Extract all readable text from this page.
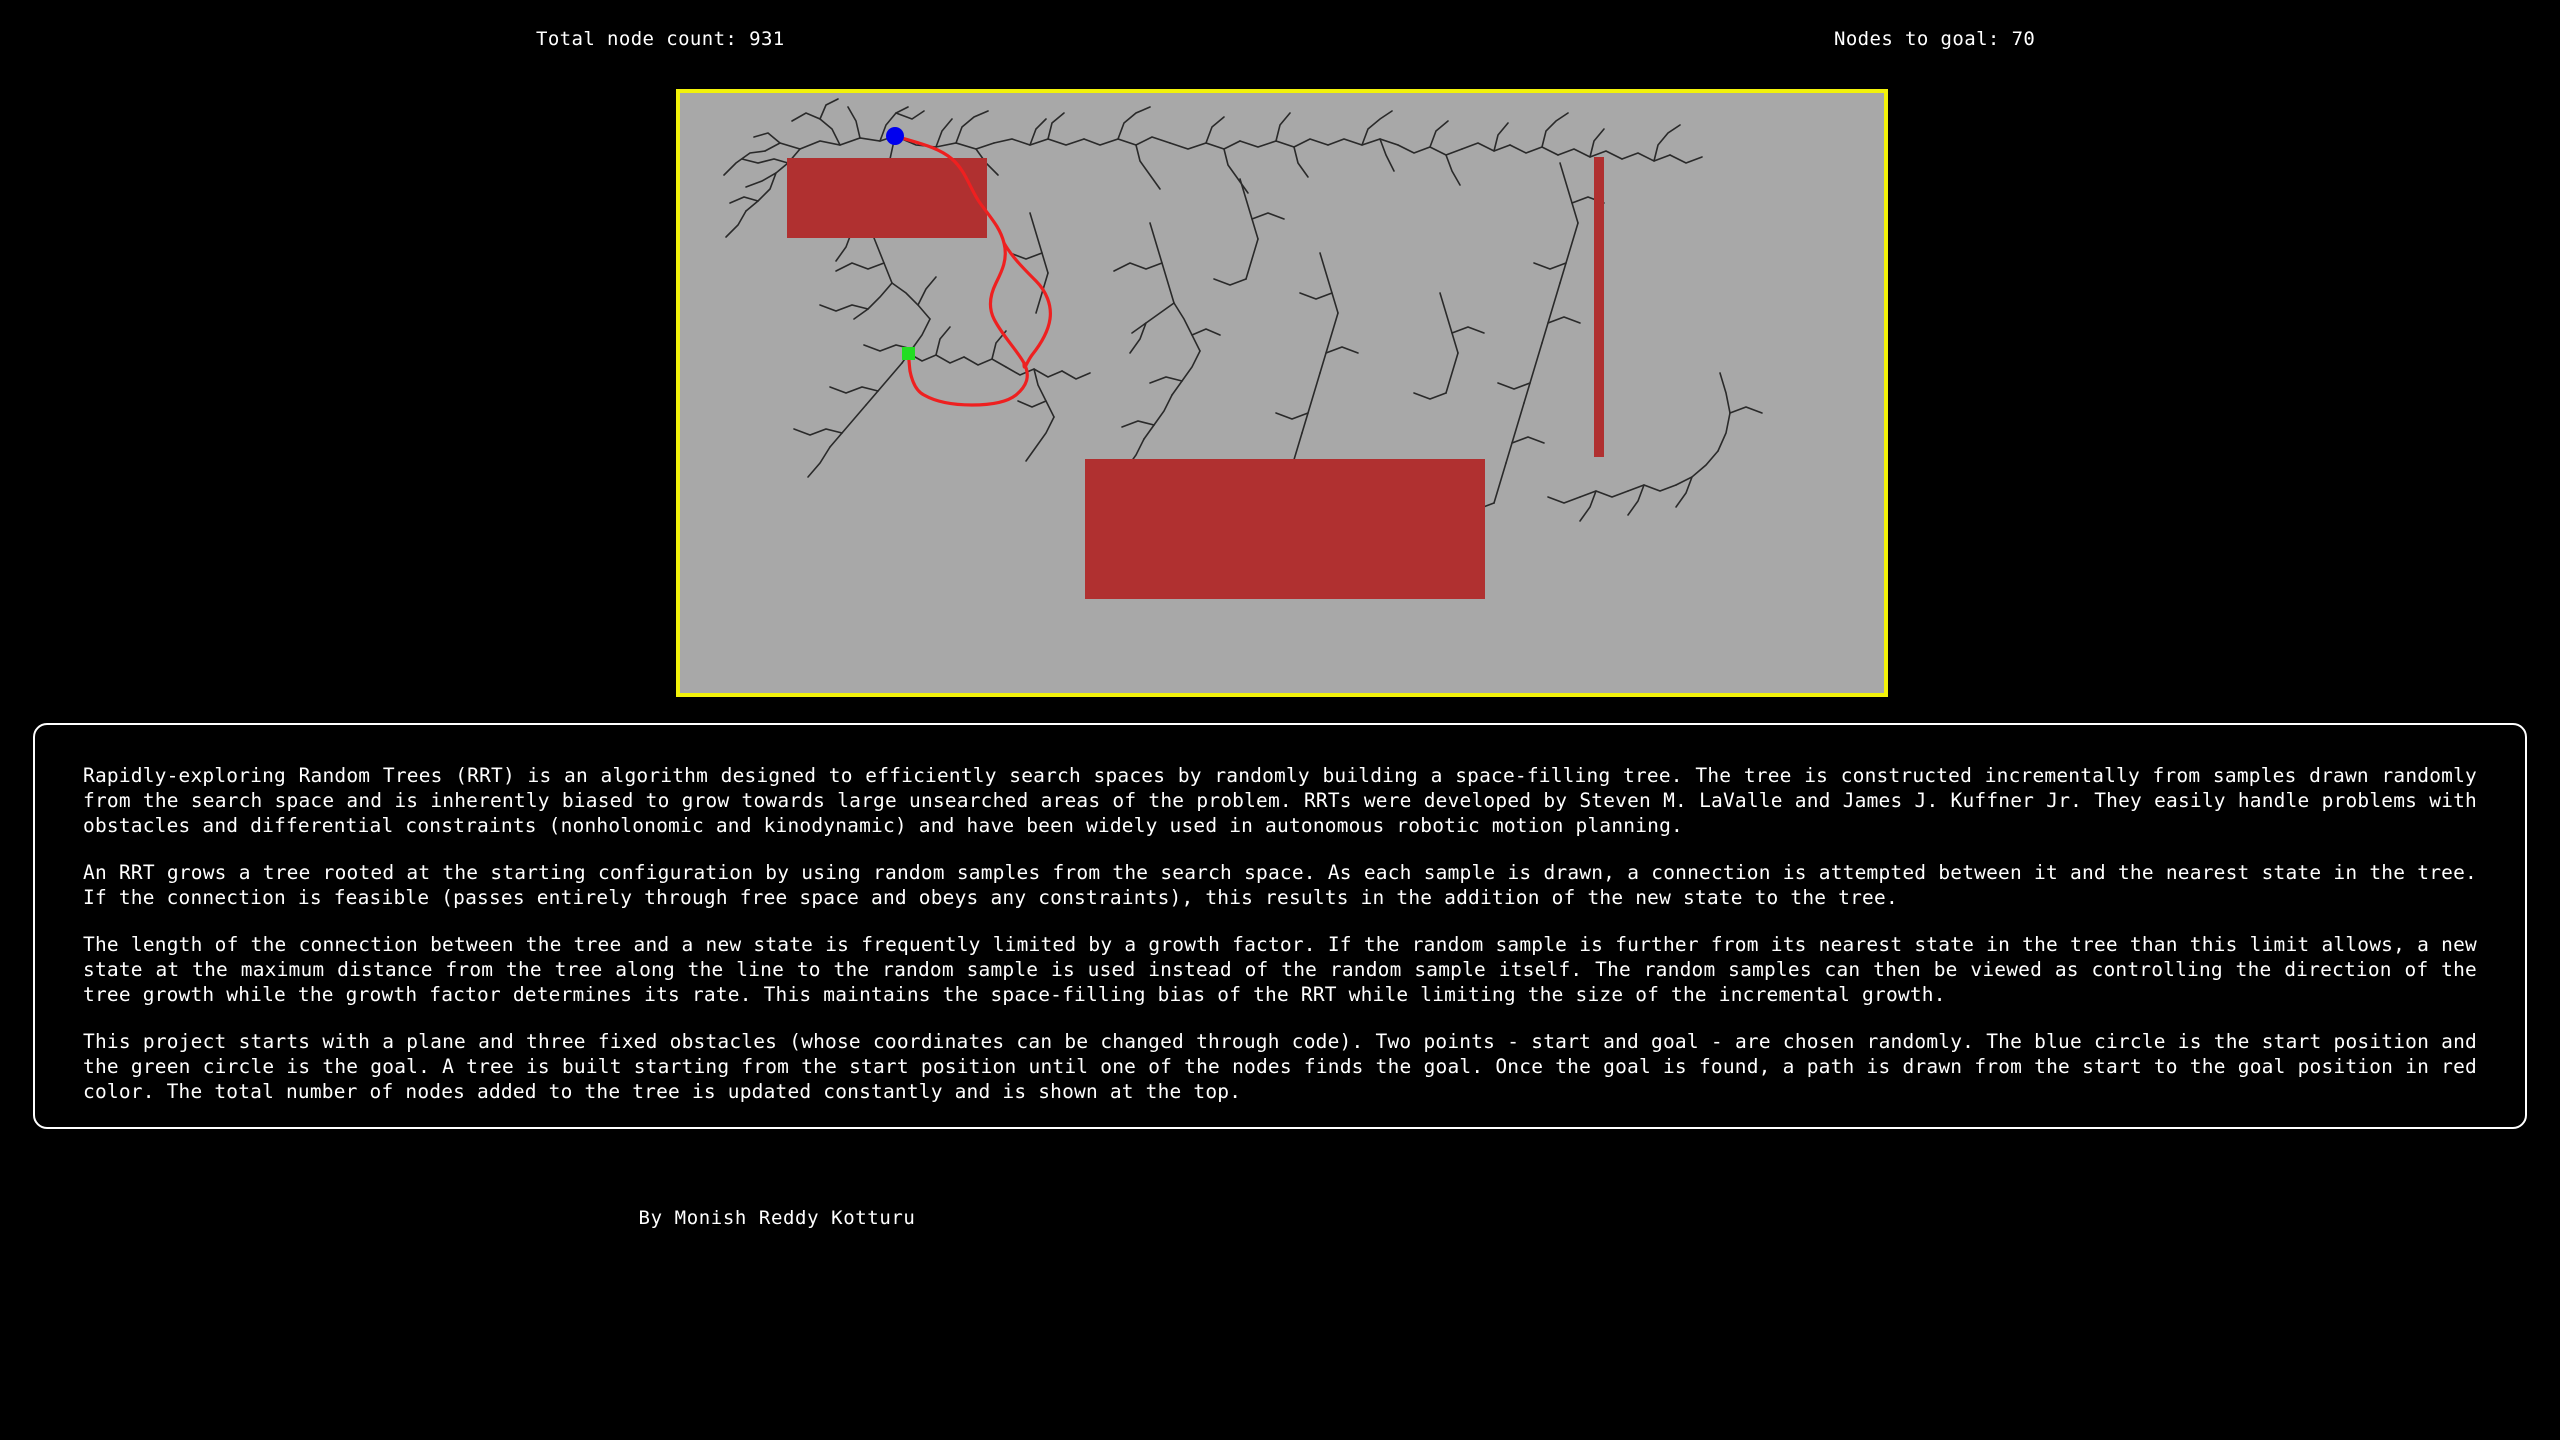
Total node count: 931	Nodes to goal: 70

Rapidly-exploring Random Trees (RRT) is an algorithm designed to efficiently search spaces by randomly building a space-filling tree. The tree is constructed incrementally from samples drawn randomly from the search space and is inherently biased to grow towards large unsearched areas of the problem. RRTs were developed by Steven M. LaValle and James J. Kuffner Jr. They easily handle problems with obstacles and differential constraints (nonholonomic and kinodynamic) and have been widely used in autonomous robotic motion planning.

An RRT grows a tree rooted at the starting configuration by using random samples from the search space. As each sample is drawn, a connection is attempted between it and the nearest state in the tree. If the connection is feasible (passes entirely through free space and obeys any constraints), this results in the addition of the new state to the tree.

The length of the connection between the tree and a new state is frequently limited by a growth factor. If the random sample is further from its nearest state in the tree than this limit allows, a new state at the maximum distance from the tree along the line to the random sample is used instead of the random sample itself. The random samples can then be viewed as controlling the direction of the tree growth while the growth factor determines its rate. This maintains the space-filling bias of the RRT while limiting the size of the incremental growth.

This project starts with a plane and three fixed obstacles (whose coordinates can be changed through code). Two points - start and goal - are chosen randomly. The blue circle is the start position and the green circle is the goal. A tree is built starting from the start position until one of the nodes finds the goal. Once the goal is found, a path is drawn from the start to the goal position in red color. The total number of nodes added to the tree is updated constantly and is shown at the top.

By Monish Reddy Kotturu
